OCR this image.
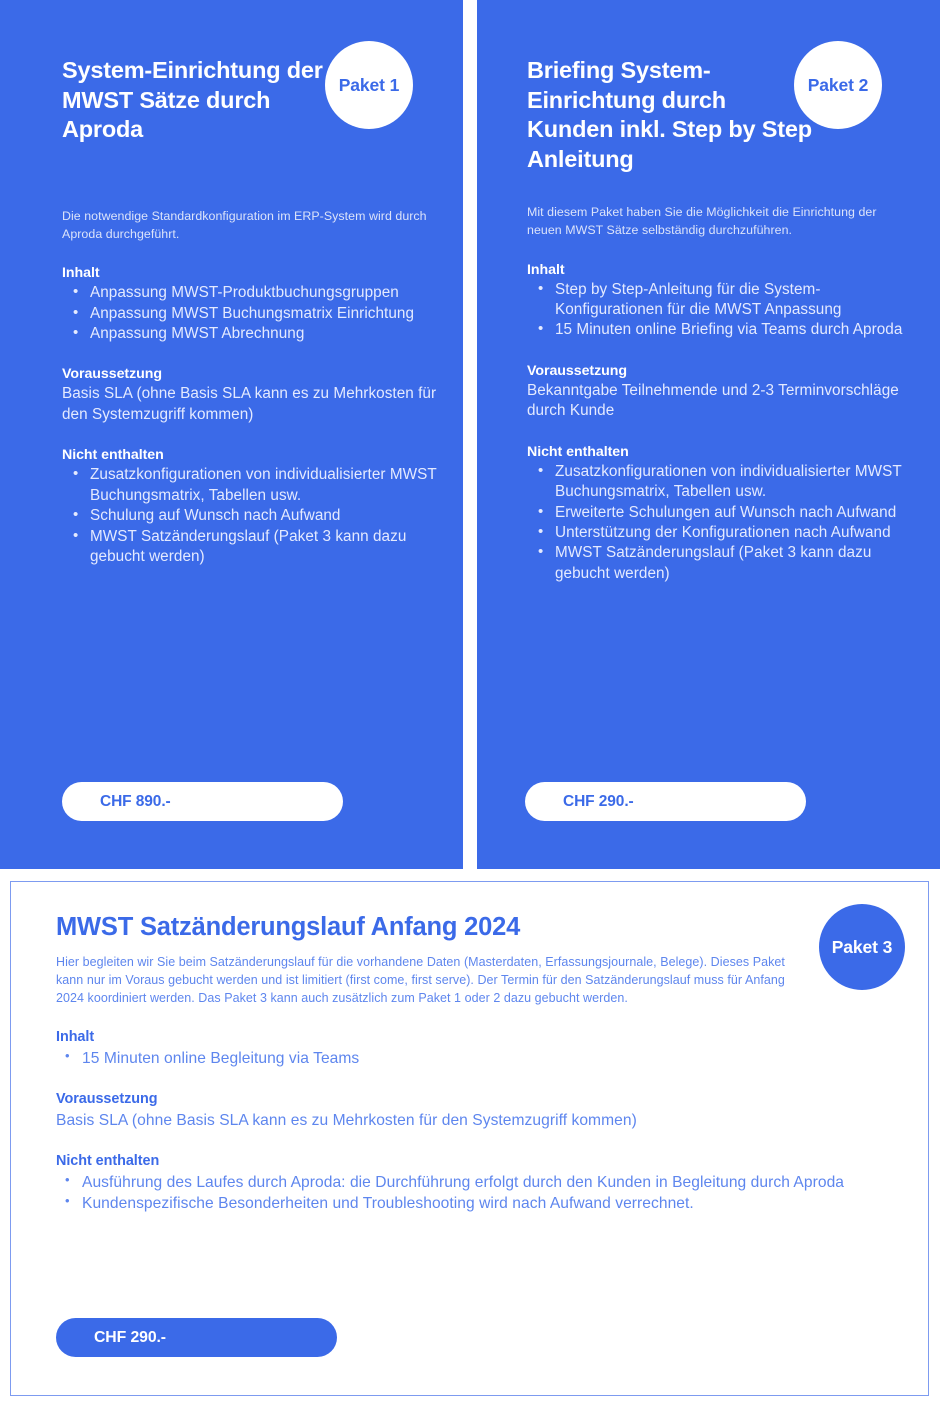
System-Einrichtung der MWST Sätze durch Aproda
Paket 1

Die notwendige Standardkonfiguration im ERP-System wird durch Aproda durchgeführt.

Inhalt
• Anpassung MWST-Produktbuchungsgruppen
• Anpassung MWST Buchungsmatrix Einrichtung
• Anpassung MWST Abrechnung
Voraussetzung
Basis SLA (ohne Basis SLA kann es zu Mehrkosten für den Systemzugriff kommen)
Nicht enthalten
• Zusatzkonfigurationen von individualisierter MWST Buchungsmatrix, Tabellen usw.
• Schulung auf Wunsch nach Aufwand
• MWST Satzänderungslauf (Paket 3 kann dazu gebucht werden)
CHF 890.-
Briefing System-Einrichtung durch Kunden inkl. Step by Step Anleitung
Paket 2

Mit diesem Paket haben Sie die Möglichkeit die Einrichtung der neuen MWST Sätze selbständig durchzuführen.

Inhalt
• Step by Step-Anleitung für die System-Konfigurationen für die MWST Anpassung
• 15 Minuten online Briefing via Teams durch Aproda
Voraussetzung
Bekanntgabe Teilnehmende und 2-3 Terminvorschläge durch Kunde
Nicht enthalten
• Zusatzkonfigurationen von individualisierter MWST Buchungsmatrix, Tabellen usw.
• Erweiterte Schulungen auf Wunsch nach Aufwand
• Unterstützung der Konfigurationen nach Aufwand
• MWST Satzänderungslauf (Paket 3 kann dazu gebucht werden)
CHF 290.-
MWST Satzänderungslauf Anfang 2024
Paket 3

Hier begleiten wir Sie beim Satzänderungslauf für die vorhandene Daten (Masterdaten, Erfassungsjournale, Belege). Dieses Paket kann nur im Voraus gebucht werden und ist limitiert (first come, first serve). Der Termin für den Satzänderungslauf muss für Anfang 2024 koordiniert werden. Das Paket 3 kann auch zusätzlich zum Paket 1 oder 2 dazu gebucht werden.

Inhalt
• 15 Minuten online Begleitung via Teams
Voraussetzung
Basis SLA (ohne Basis SLA kann es zu Mehrkosten für den Systemzugriff kommen)
Nicht enthalten
• Ausführung des Laufes durch Aproda: die Durchführung erfolgt durch den Kunden in Begleitung durch Aproda
• Kundenspezifische Besonderheiten und Troubleshooting wird nach Aufwand verrechnet.
CHF 290.-
